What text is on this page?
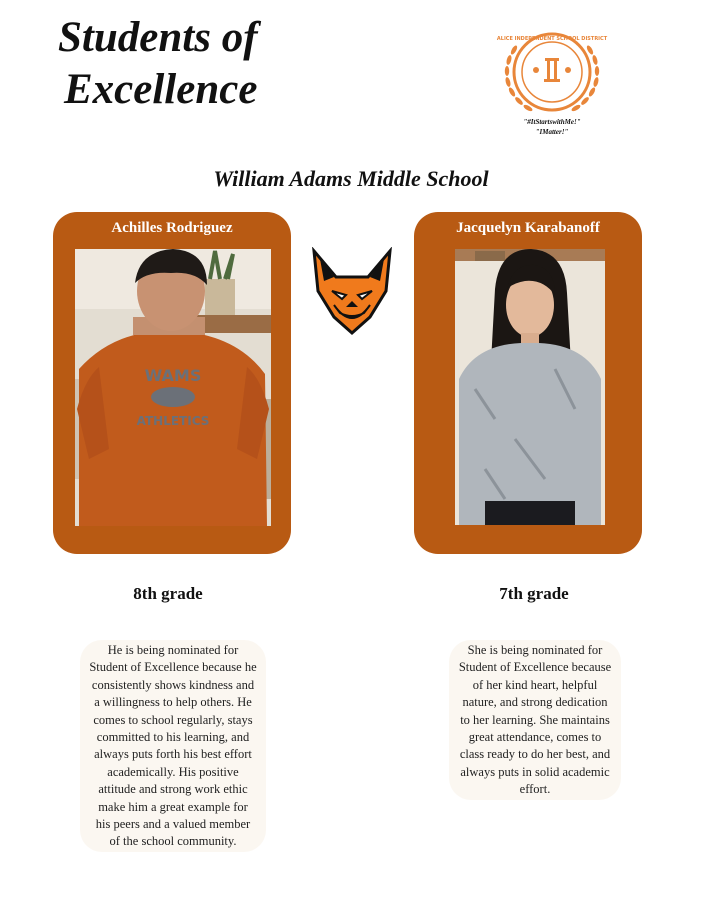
Students of
Excellence
ALICE INDEPENDENT SCHOOL DISTRICT
"#ItStartswithMe!"
"IMatter!"
William Adams Middle School
Achilles Rodriguez
WAMS
ATHLETICS
Jacquelyn Karabanoff
8th grade	7th grade
He is being nominated for
Student of Excellence because he
consistently shows kindness and
a willingness to help others. He
comes to school regularly, stays
committed to his learning, and
always puts forth his best effort
academically. His positive
attitude and strong work ethic
make him a great example for
his peers and a valued member
of the school community.
She is being nominated for
Student of Excellence because
of her kind heart, helpful
nature, and strong dedication
to her learning. She maintains
great attendance, comes to
class ready to do her best, and
always puts in solid academic
effort.
